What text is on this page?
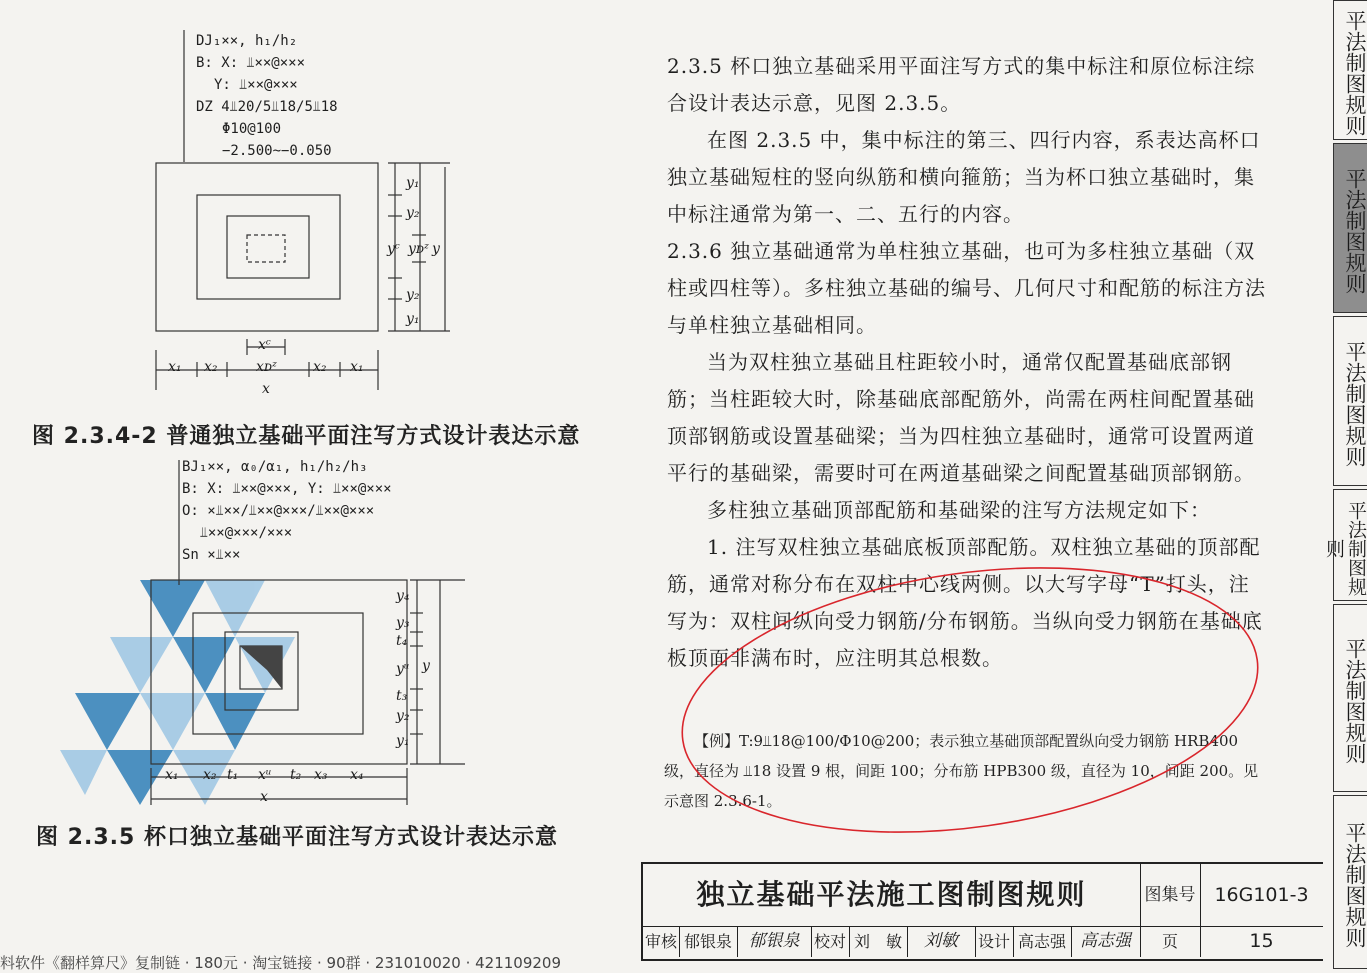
DJ₁××, h₁/h₂
B: X: ⫫××@×××
Y: ⫫××@×××
DZ 4⫫20/5⫫18/5⫫18
Φ10@100
−2.500~−0.050
y₁
y₂
yᶜ yᴅᶻ
y₂
y₁
y
xᶜ
x₁ x₂	xᴅᶻ	x₂ x₁
x
图 2.3.4-2 普通独立基础平面注写方式设计表达示意
BJ₁××, α₀/α₁, h₁/h₂/h₃
B: X: ⫫××@×××, Y: ⫫××@×××
O: ×⫫××/⫫××@×××/⫫××@×××
⫫××@×××/×××
Sn ×⫫××
y₄
y₃
t₄
yᵘ
t₃
y₂
y₁
y
x₁ x₂ t₁ xᵘ t₂ x₃ x₄
x
图 2.3.5 杯口独立基础平面注写方式设计表达示意

2.3.5 杯口独立基础采用平面注写方式的集中标注和原位标注综合设计表达示意，见图 2.3.5。

在图 2.3.5 中，集中标注的第三、四行内容，系表达高杯口独立基础短柱的竖向纵筋和横向箍筋；当为杯口独立基础时，集中标注通常为第一、二、五行的内容。

2.3.6 独立基础通常为单柱独立基础，也可为多柱独立基础（双柱或四柱等）。多柱独立基础的编号、几何尺寸和配筋的标注方法与单柱独立基础相同。

当为双柱独立基础且柱距较小时，通常仅配置基础底部钢筋；当柱距较大时，除基础底部配筋外，尚需在两柱间配置基础顶部钢筋或设置基础梁；当为四柱独立基础时，通常可设置两道平行的基础梁，需要时可在两道基础梁之间配置基础顶部钢筋。

多柱独立基础顶部配筋和基础梁的注写方法规定如下：

1. 注写双柱独立基础底板顶部配筋。双柱独立基础的顶部配筋，通常对称分布在双柱中心线两侧。以大写字母“T”打头，注写为：双柱间纵向受力钢筋/分布钢筋。当纵向受力钢筋在基础底板顶面非满布时，应注明其总根数。

【例】T:9⫫18@100/Φ10@200；表示独立基础顶部配置纵向受力钢筋 HRB400 级，直径为 ⫫18 设置 9 根，间距 100；分布筋 HPB300 级，直径为 10，间距 200。见示意图 2.3.6-1。

独立基础平法施工图制图规则	图集号 16G101-3
审核 郁银泉 郁银泉 校对 刘　敏	刘敏	设计 高志强 高志强	页	15
平法制图规则
平法制图规则
平法制图规则
平法制图规则
平法制图规则
平法制图规则
料软件《翻样算尺》复制链 · 180元 · 淘宝链接 · 90群 · 231010020 · 421109209
